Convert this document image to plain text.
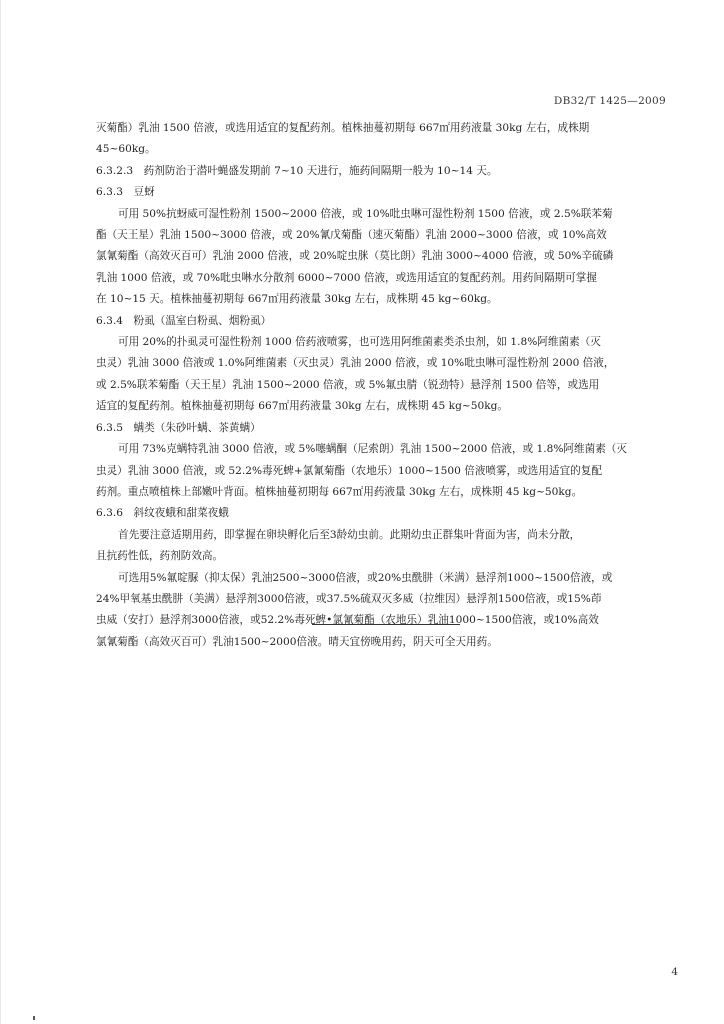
DB32/T 1425—2009
灭菊酯）乳油 1500 倍液，或选用适宜的复配药剂。植株抽蔓初期每 667㎡用药液量 30kg 左右，成株期
45~60kg。
6.3.2.3　药剂防治于潜叶蝇盛发期前 7~10 天进行，施药间隔期一般为 10~14 天。
6.3.3　豆蚜
可用 50%抗蚜威可湿性粉剂 1500~2000 倍液，或 10%吡虫啉可湿性粉剂 1500 倍液，或 2.5%联苯菊
酯（天王星）乳油 1500~3000 倍液，或 20%氰戊菊酯（速灭菊酯）乳油 2000~3000 倍液，或 10%高效
氯氰菊酯（高效灭百可）乳油 2000 倍液，或 20%啶虫脒（莫比朗）乳油 3000~4000 倍液，或 50%辛硫磷
乳油 1000 倍液，或 70%吡虫啉水分散剂 6000~7000 倍液，或选用适宜的复配药剂。用药间隔期可掌握
在 10~15 天。植株抽蔓初期每 667㎡用药液量 30kg 左右，成株期 45 kg~60kg。
6.3.4　粉虱（温室白粉虱、烟粉虱）
可用 20%的扑虱灵可湿性粉剂 1000 倍药液喷雾，也可选用阿维菌素类杀虫剂，如 1.8%阿维菌素（灭
虫灵）乳油 3000 倍液或 1.0%阿维菌素（灭虫灵）乳油 2000 倍液，或 10%吡虫啉可湿性粉剂 2000 倍液，
或 2.5%联苯菊酯（天王星）乳油 1500~2000 倍液，或 5%氟虫腈（锐劲特）悬浮剂 1500 倍等，或选用
适宜的复配药剂。植株抽蔓初期每 667㎡用药液量 30kg 左右，成株期 45 kg~50kg。
6.3.5　螨类（朱砂叶螨、茶黄螨）
可用 73%克螨特乳油 3000 倍液，或 5%噻螨酮（尼索朗）乳油 1500~2000 倍液，或 1.8%阿维菌素（灭
虫灵）乳油 3000 倍液，或 52.2%毒死蜱+氯氰菊酯（农地乐）1000~1500 倍液喷雾，或选用适宜的复配
药剂。重点喷植株上部嫩叶背面。植株抽蔓初期每 667㎡用药液量 30kg 左右，成株期 45 kg~50kg。
6.3.6　斜纹夜蛾和甜菜夜蛾
首先要注意适期用药，即掌握在卵块孵化后至3龄幼虫前。此期幼虫正群集叶背面为害，尚未分散，
且抗药性低，药剂防效高。
可选用5%氟啶脲（抑太保）乳油2500~3000倍液，或20%虫酰肼（米满）悬浮剂1000~1500倍液，或
24%甲氧基虫酰肼（美满）悬浮剂3000倍液，或37.5%硫双灭多威（拉维因）悬浮剂1500倍液，或15%茚
虫威（安打）悬浮剂3000倍液，或52.2%毒死蜱•氯氰菊酯（农地乐）乳油1000~1500倍液，或10%高效
氯氰菊酯（高效灭百可）乳油1500~2000倍液。晴天宜傍晚用药，阴天可全天用药。
4
